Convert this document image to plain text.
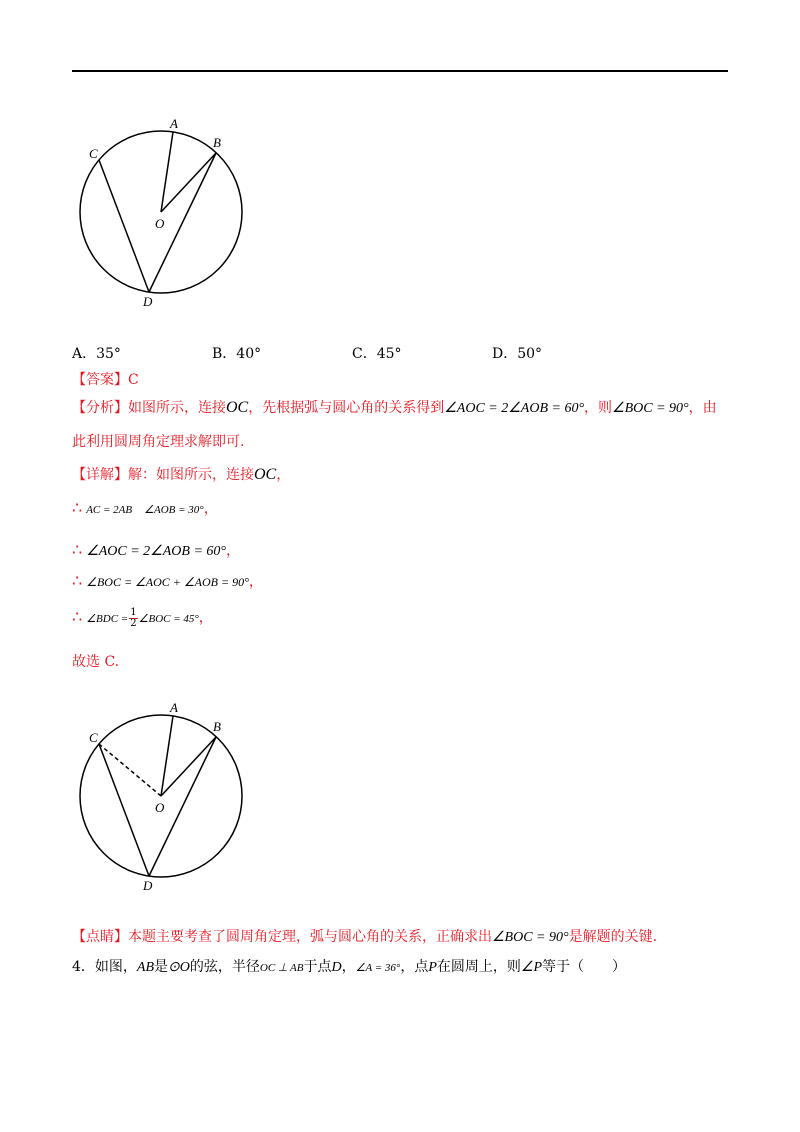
A
B
C
O
D
A．35°	B．40°	C．45°	D．50°
【答案】C
【分析】如图所示，连接OC，先根据弧与圆心角的关系得到∠AOC = 2∠AOB = 60°，则∠BOC = 90°，由
此利用圆周角定理求解即可.
【详解】解：如图所示，连接OC，
∴ AC = 2AB ∠AOB = 30°，
∴ ∠AOC = 2∠AOB = 60°，
∴ ∠BOC = ∠AOC + ∠AOB = 90°，
∴ ∠BDC = $\frac{1}{2}$ ∠BOC = 45°，
故选 C.
A
B
C
O
D
【点睛】本题主要考查了圆周角定理，弧与圆心角的关系，正确求出∠BOC = 90°是解题的关键.
4．如图，AB是⊙O的弦，半径OC ⊥ AB于点D，∠A = 36°，点P在圆周上，则∠P等于（　　）
